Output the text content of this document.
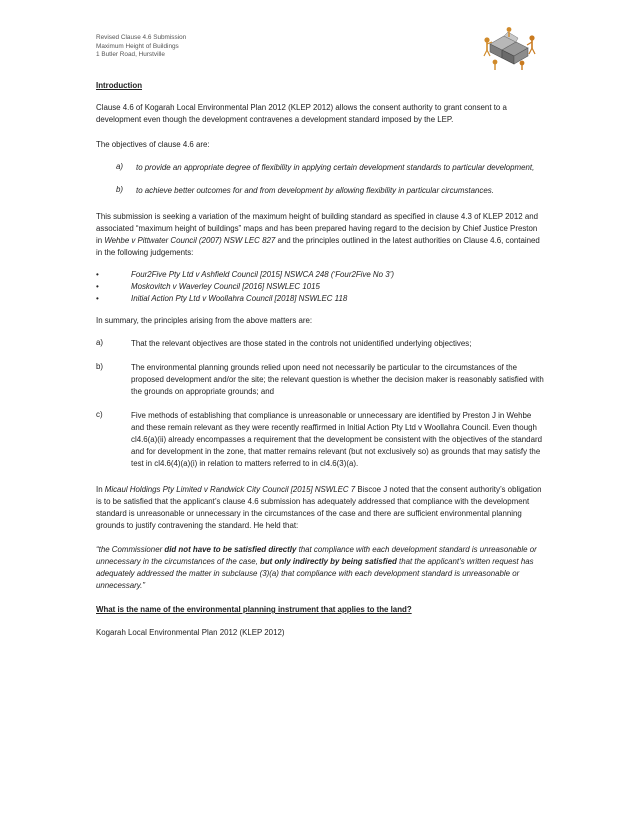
Revised Clause 4.6 Submission
Maximum Height of Buildings
1 Butler Road, Hurstville

Introduction

Clause 4.6 of Kogarah Local Environmental Plan 2012 (KLEP 2012) allows the consent authority to grant consent to a development even though the development contravenes a development standard imposed by the LEP.

The objectives of clause 4.6 are:

a)	to provide an appropriate degree of flexibility in applying certain development standards to particular development,
b)	to achieve better outcomes for and from development by allowing flexibility in particular circumstances.

This submission is seeking a variation of the maximum height of building standard as specified in clause 4.3 of KLEP 2012 and associated “maximum height of buildings” maps and has been prepared having regard to the decision by Chief Justice Preston in Wehbe v Pittwater Council (2007) NSW LEC 827 and the principles outlined in the latest authorities on Clause 4.6, contained in the following judgements:

•	Four2Five Pty Ltd v Ashfield Council [2015] NSWCA 248 (‘Four2Five No 3’)
•	Moskovitch v Waverley Council [2016] NSWLEC 1015
•	Initial Action Pty Ltd v Woollahra Council [2018] NSWLEC 118

In summary, the principles arising from the above matters are:

a)	That the relevant objectives are those stated in the controls not unidentified underlying objectives;
b)	The environmental planning grounds relied upon need not necessarily be particular to the circumstances of the proposed development and/or the site; the relevant question is whether the decision maker is reasonably satisfied with the grounds on appropriate grounds; and
c)	Five methods of establishing that compliance is unreasonable or unnecessary are identified by Preston J in Wehbe and these remain relevant as they were recently reaffirmed in Initial Action Pty Ltd v Woollahra Council. Even though cl4.6(a)(ii) already encompasses a requirement that the development be consistent with the objectives of the standard and for development in the zone, that matter remains relevant (but not exclusively so) as grounds that may satisfy the test in cl4.6(4)(a)(i) in relation to matters referred to in cl4.6(3)(a).

In Micaul Holdings Pty Limited v Randwick City Council [2015] NSWLEC 7 Biscoe J noted that the consent authority’s obligation is to be satisfied that the applicant’s clause 4.6 submission has adequately addressed that compliance with the development standard is unreasonable or unnecessary in the circumstances of the case and there are sufficient environmental planning grounds to justify contravening the standard. He held that:

“the Commissioner did not have to be satisfied directly that compliance with each development standard is unreasonable or unnecessary in the circumstances of the case, but only indirectly by being satisfied that the applicant’s written request has adequately addressed the matter in subclause (3)(a) that compliance with each development standard is unreasonable or unnecessary.”

What is the name of the environmental planning instrument that applies to the land?

Kogarah Local Environmental Plan 2012 (KLEP 2012)
